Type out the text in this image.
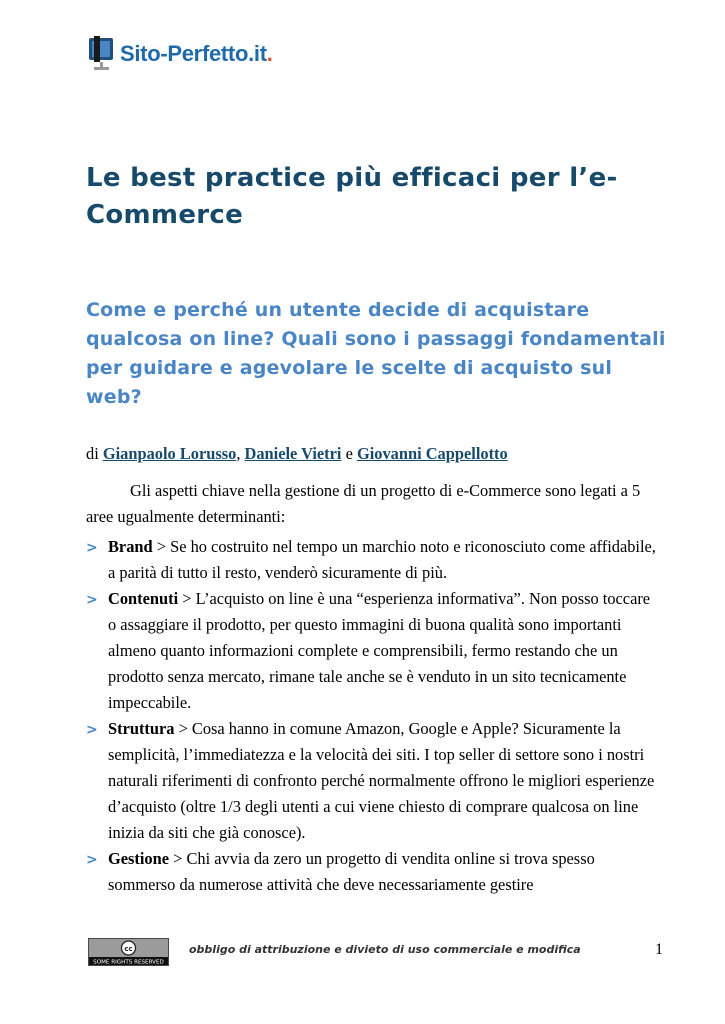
Sito-Perfetto.it.
Le best practice più efficaci per l’e-Commerce
Come e perché un utente decide di acquistare qualcosa on line? Quali sono i passaggi fondamentali per guidare e agevolare le scelte di acquisto sul web?
di Gianpaolo Lorusso, Daniele Vietri e Giovanni Cappellotto

Gli aspetti chiave nella gestione di un progetto di e-Commerce sono legati a 5 aree ugualmente determinanti:

> Brand > Se ho costruito nel tempo un marchio noto e riconosciuto come affidabile, a parità di tutto il resto, venderò sicuramente di più.
> Contenuti > L’acquisto on line è una “esperienza informativa”. Non posso toccare o assaggiare il prodotto, per questo immagini di buona qualità sono importanti almeno quanto informazioni complete e comprensibili, fermo restando che un prodotto senza mercato, rimane tale anche se è venduto in un sito tecnicamente impeccabile.
> Struttura > Cosa hanno in comune Amazon, Google e Apple? Sicuramente la semplicità, l’immediatezza e la velocità dei siti. I top seller di settore sono i nostri naturali riferimenti di confronto perché normalmente offrono le migliori esperienze d’acquisto (oltre 1/3 degli utenti a cui viene chiesto di comprare qualcosa on line inizia da siti che già conosce).
> Gestione > Chi avvia da zero un progetto di vendita online si trova spesso sommerso da numerose attività che deve necessariamente gestire
cc
SOME RIGHTS RESERVED
obbligo di attribuzione e divieto di uso commerciale e modifica	1
